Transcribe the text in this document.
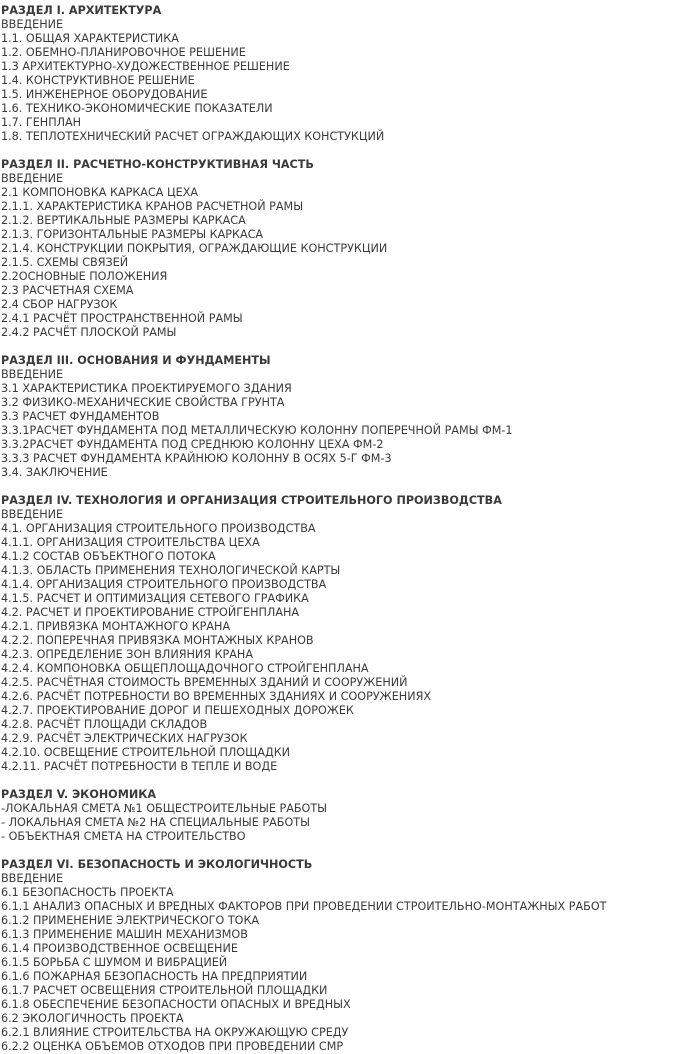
РАЗДЕЛ I. АРХИТЕКТУРА
ВВЕДЕНИЕ
1.1. ОБЩАЯ ХАРАКТЕРИСТИКА
1.2. ОБЕМНО-ПЛАНИРОВОЧНОЕ РЕШЕНИЕ
1.3 АРХИТЕКТУРНО-ХУДОЖЕСТВЕННОЕ РЕШЕНИЕ
1.4. КОНСТРУКТИВНОЕ РЕШЕНИЕ
1.5. ИНЖЕНЕРНОЕ ОБОРУДОВАНИЕ
1.6. ТЕХНИКО-ЭКОНОМИЧЕСКИЕ ПОКАЗАТЕЛИ
1.7. ГЕНПЛАН
1.8. ТЕПЛОТЕХНИЧЕСКИЙ РАСЧЕТ ОГРАЖДАЮЩИХ КОНСТУКЦИЙ
РАЗДЕЛ II. РАСЧЕТНО-КОНСТРУКТИВНАЯ ЧАСТЬ
ВВЕДЕНИЕ
2.1 КОМПОНОВКА КАРКАСА ЦЕХА
2.1.1. ХАРАКТЕРИСТИКА КРАНОВ РАСЧЕТНОЙ РАМЫ
2.1.2. ВЕРТИКАЛЬНЫЕ РАЗМЕРЫ КАРКАСА
2.1.3. ГОРИЗОНТАЛЬНЫЕ РАЗМЕРЫ КАРКАСА
2.1.4. КОНСТРУКЦИИ ПОКРЫТИЯ, ОГРАЖДАЮЩИЕ КОНСТРУКЦИИ
2.1.5. СХЕМЫ СВЯЗЕЙ
2.2ОСНОВНЫЕ ПОЛОЖЕНИЯ
2.3 РАСЧЕТНАЯ СХЕМА
2.4 СБОР НАГРУЗОК
2.4.1 РАСЧЁТ ПРОСТРАНСТВЕННОЙ РАМЫ
2.4.2 РАСЧЁТ ПЛОСКОЙ РАМЫ
РАЗДЕЛ III. ОСНОВАНИЯ И ФУНДАМЕНТЫ
ВВЕДЕНИЕ
3.1 ХАРАКТЕРИСТИКА ПРОЕКТИРУЕМОГО ЗДАНИЯ
3.2 ФИЗИКО-МЕХАНИЧЕСКИЕ СВОЙСТВА ГРУНТА
3.3 РАСЧЕТ ФУНДАМЕНТОВ
3.3.1РАСЧЕТ ФУНДАМЕНТА ПОД МЕТАЛЛИЧЕСКУЮ КОЛОННУ ПОПЕРЕЧНОЙ РАМЫ ФМ-1
3.3.2РАСЧЕТ ФУНДАМЕНТА ПОД СРЕДНЮЮ КОЛОННУ ЦЕХА ФМ-2
3.3.3 РАСЧЕТ ФУНДАМЕНТА КРАЙНЮЮ КОЛОННУ В ОСЯХ 5-Г ФМ-3
3.4. ЗАКЛЮЧЕНИЕ
РАЗДЕЛ IV. ТЕХНОЛОГИЯ И ОРГАНИЗАЦИЯ СТРОИТЕЛЬНОГО ПРОИЗВОДСТВА
ВВЕДЕНИЕ
4.1. ОРГАНИЗАЦИЯ СТРОИТЕЛЬНОГО ПРОИЗВОДСТВА
4.1.1. ОРГАНИЗАЦИЯ СТРОИТЕЛЬСТВА ЦЕХА
4.1.2 СОСТАВ ОБЪЕКТНОГО ПОТОКА
4.1.3. ОБЛАСТЬ ПРИМЕНЕНИЯ ТЕХНОЛОГИЧЕСКОЙ КАРТЫ
4.1.4. ОРГАНИЗАЦИЯ СТРОИТЕЛЬНОГО ПРОИЗВОДСТВА
4.1.5. РАСЧЕТ И ОПТИМИЗАЦИЯ СЕТЕВОГО ГРАФИКА
4.2. РАСЧЕТ И ПРОЕКТИРОВАНИЕ СТРОЙГЕНПЛАНА
4.2.1. ПРИВЯЗКА МОНТАЖНОГО КРАНА
4.2.2. ПОПЕРЕЧНАЯ ПРИВЯЗКА МОНТАЖНЫХ КРАНОВ
4.2.3. ОПРЕДЕЛЕНИЕ ЗОН ВЛИЯНИЯ КРАНА
4.2.4. КОМПОНОВКА ОБЩЕПЛОЩАДОЧНОГО СТРОЙГЕНПЛАНА
4.2.5. РАСЧЁТНАЯ СТОИМОСТЬ ВРЕМЕННЫХ ЗДАНИЙ И СООРУЖЕНИЙ
4.2.6. РАСЧЁТ ПОТРЕБНОСТИ ВО ВРЕМЕННЫХ ЗДАНИЯХ И СООРУЖЕНИЯХ
4.2.7. ПРОЕКТИРОВАНИЕ ДОРОГ И ПЕШЕХОДНЫХ ДОРОЖЕК
4.2.8. РАСЧЁТ ПЛОЩАДИ СКЛАДОВ
4.2.9. РАСЧЁТ ЭЛЕКТРИЧЕСКИХ НАГРУЗОК
4.2.10. ОСВЕЩЕНИЕ СТРОИТЕЛЬНОЙ ПЛОЩАДКИ
4.2.11. РАСЧЁТ ПОТРЕБНОСТИ В ТЕПЛЕ И ВОДЕ
РАЗДЕЛ V. ЭКОНОМИКА
-ЛОКАЛЬНАЯ СМЕТА №1 ОБЩЕСТРОИТЕЛЬНЫЕ РАБОТЫ
- ЛОКАЛЬНАЯ СМЕТА №2 НА СПЕЦИАЛЬНЫЕ РАБОТЫ
- ОБЪЕКТНАЯ СМЕТА НА СТРОИТЕЛЬСТВО
РАЗДЕЛ VI. БЕЗОПАСНОСТЬ И ЭКОЛОГИЧНОСТЬ
ВВЕДЕНИЕ
6.1 БЕЗОПАСНОСТЬ ПРОЕКТА
6.1.1 АНАЛИЗ ОПАСНЫХ И ВРЕДНЫХ ФАКТОРОВ ПРИ ПРОВЕДЕНИИ СТРОИТЕЛЬНО-МОНТАЖНЫХ РАБОТ
6.1.2 ПРИМЕНЕНИЕ ЭЛЕКТРИЧЕСКОГО ТОКА
6.1.3 ПРИМЕНЕНИЕ МАШИН МЕХАНИЗМОВ
6.1.4 ПРОИЗВОДСТВЕННОЕ ОСВЕЩЕНИЕ
6.1.5 БОРЬБА С ШУМОМ И ВИБРАЦИЕЙ
6.1.6 ПОЖАРНАЯ БЕЗОПАСНОСТЬ НА ПРЕДПРИЯТИИ
6.1.7 РАСЧЕТ ОСВЕЩЕНИЯ СТРОИТЕЛЬНОЙ ПЛОЩАДКИ
6.1.8 ОБЕСПЕЧЕНИЕ БЕЗОПАСНОСТИ ОПАСНЫХ И ВРЕДНЫХ
6.2 ЭКОЛОГИЧНОСТЬ ПРОЕКТА
6.2.1 ВЛИЯНИЕ СТРОИТЕЛЬСТВА НА ОКРУЖАЮЩУЮ СРЕДУ
6.2.2 ОЦЕНКА ОБЪЕМОВ ОТХОДОВ ПРИ ПРОВЕДЕНИИ СМР
